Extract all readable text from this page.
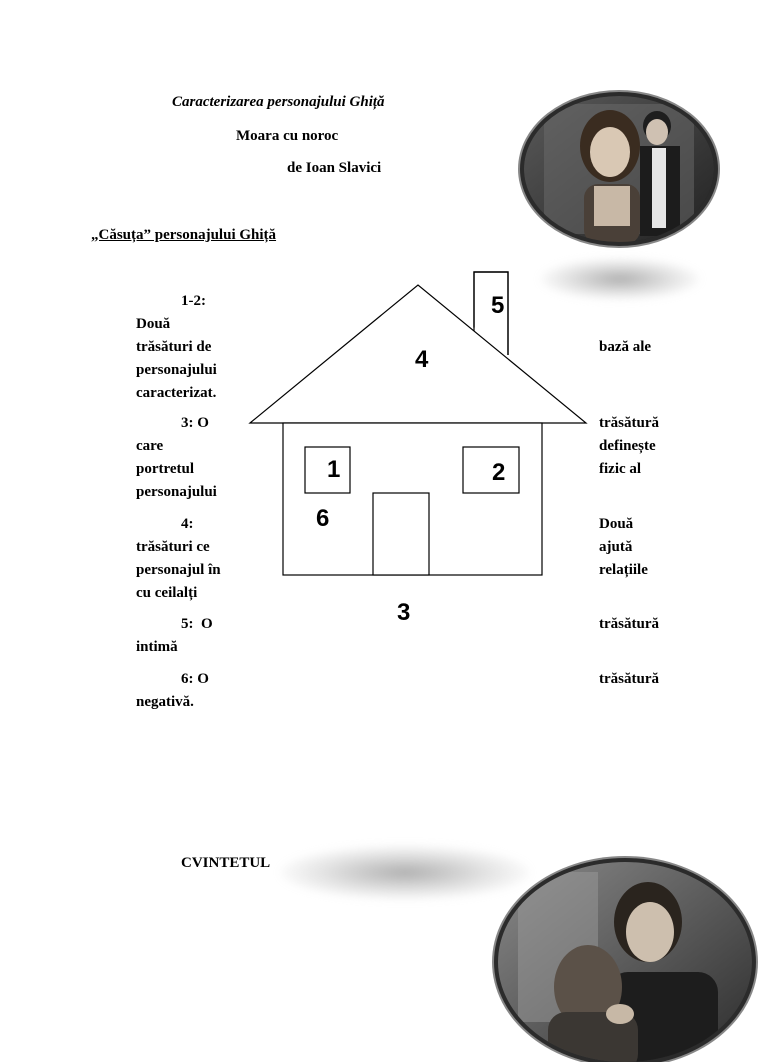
Caracterizarea personajului Ghiță
Moara cu noroc
de Ioan Slavici
„Căsuța” personajului Ghiță
5
4
1	2
6
3
1-2:
Două
trăsături de
personajului
caracterizat.
bază ale
3: O
care
portretul
personajului
trăsătură
definește
fizic al
4:
trăsături ce
personajul în
cu ceilalți
Două
ajută
relațiile
5:  O
intimă
trăsătură
6: O
negativă.
trăsătură
CVINTETUL
